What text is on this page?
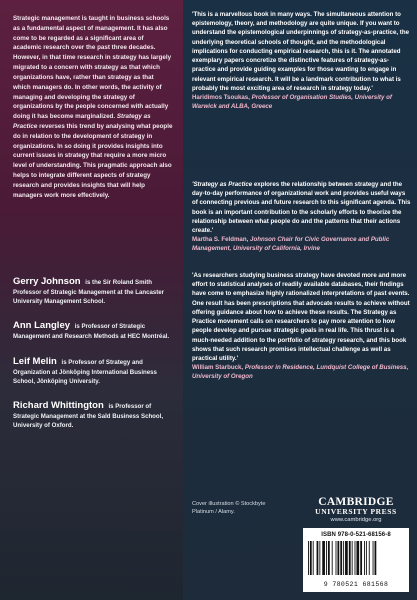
Strategic management is taught in business schools as a fundamental aspect of management. It has also come to be regarded as a significant area of academic research over the past three decades. However, in that time research in strategy has largely migrated to a concern with strategy as that which organizations have, rather than strategy as that which managers do. In other words, the activity of managing and developing the strategy of organizations by the people concerned with actually doing it has become marginalized. Strategy as Practice reverses this trend by analysing what people do in relation to the development of strategy in organizations. In so doing it provides insights into current issues in strategy that require a more micro level of understanding. This pragmatic approach also helps to integrate different aspects of strategy research and provides insights that will help managers work more effectively.

Gerry Johnson is the Sir Roland Smith Professor of Strategic Management at the Lancaster University Management School.

Ann Langley is Professor of Strategic Management and Research Methods at HEC Montréal.

Leif Melin is Professor of Strategy and Organization at Jönköping International Business School, Jönköping University.

Richard Whittington is Professor of Strategic Management at the Saïd Business School, University of Oxford.

'This is a marvellous book in many ways. The simultaneous attention to epistemology, theory, and methodology are quite unique. If you want to understand the epistemological underpinnings of strategy-as-practice, the underlying theoretical schools of thought, and the methodological implications for conducting empirical research, this is it. The annotated exemplary papers concretize the distinctive features of strategy-as-practice and provide guiding examples for those wanting to engage in relevant empirical research. It will be a landmark contribution to what is probably the most exciting area of research in strategy today.'

Haridimos Tsoukas, Professor of Organisation Studies, University of Warwick and ALBA, Greece

'Strategy as Practice explores the relationship between strategy and the day-to-day performance of organizational work and provides useful ways of connecting previous and future research to this significant agenda. This book is an important contribution to the scholarly efforts to theorize the relationship between what people do and the patterns that their actions create.'

Martha S. Feldman, Johnson Chair for Civic Governance and Public Management, University of California, Irvine

'As researchers studying business strategy have devoted more and more effort to statistical analyses of readily available databases, their findings have come to emphasize highly rationalized interpretations of past events. One result has been prescriptions that advocate results to achieve without offering guidance about how to achieve these results. The Strategy as Practice movement calls on researchers to pay more attention to how people develop and pursue strategic goals in real life. This thrust is a much-needed addition to the portfolio of strategy research, and this book shows that such research promises intellectual challenge as well as practical utility.'

William Starbuck, Professor in Residence, Lundquist College of Business, University of Oregon

Cover illustration © Stockbyte Platinum / Alamy.

CAMBRIDGE
UNIVERSITY PRESS
www.cambridge.org
ISBN 978-0-521-68156-8
9 780521 681568
